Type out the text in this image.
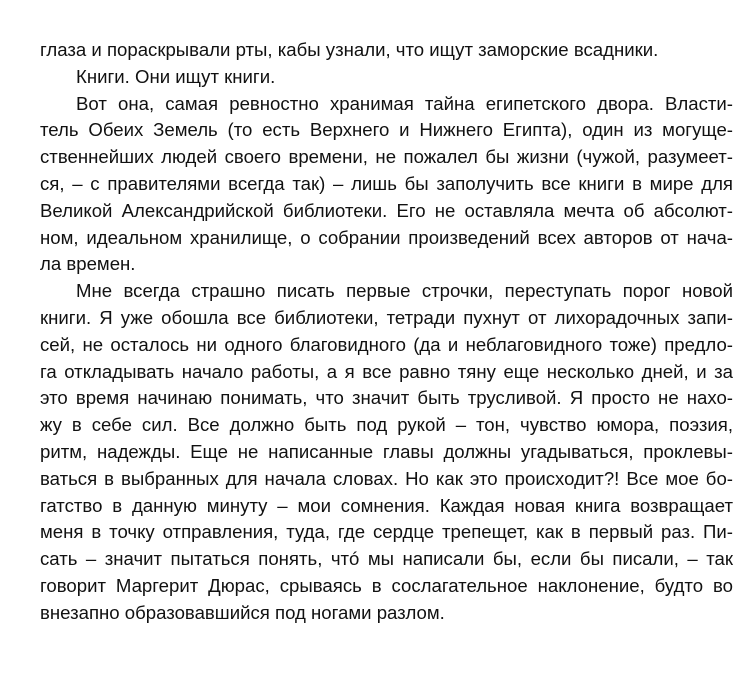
глаза и пораскрывали рты, кабы узнали, что ищут заморские всадники.
Книги. Они ищут книги.
Вот она, самая ревностно хранимая тайна египетского двора. Власти-
тель Обеих Земель (то есть Верхнего и Нижнего Египта), один из могуще-
ственнейших людей своего времени, не пожалел бы жизни (чужой, разумеет-
ся, – с правителями всегда так) – лишь бы заполучить все книги в мире для
Великой Александрийской библиотеки. Его не оставляла мечта об абсолют-
ном, идеальном хранилище, о собрании произведений всех авторов от нача-
ла времен.
Мне всегда страшно писать первые строчки, переступать порог новой
книги. Я уже обошла все библиотеки, тетради пухнут от лихорадочных запи-
сей, не осталось ни одного благовидного (да и неблаговидного тоже) предло-
га откладывать начало работы, а я все равно тяну еще несколько дней, и за
это время начинаю понимать, что значит быть трусливой. Я просто не нахо-
жу в себе сил. Все должно быть под рукой – тон, чувство юмора, поэзия,
ритм, надежды. Еще не написанные главы должны угадываться, проклевы-
ваться в выбранных для начала словах. Но как это происходит?! Все мое бо-
гатство в данную минуту – мои сомнения. Каждая новая книга возвращает
меня в точку отправления, туда, где сердце трепещет, как в первый раз. Пи-
сать – значит пытаться понять, чтó мы написали бы, если бы писали, – так
говорит Маргерит Дюрас, срываясь в сослагательное наклонение, будто во
внезапно образовавшийся под ногами разлом.
